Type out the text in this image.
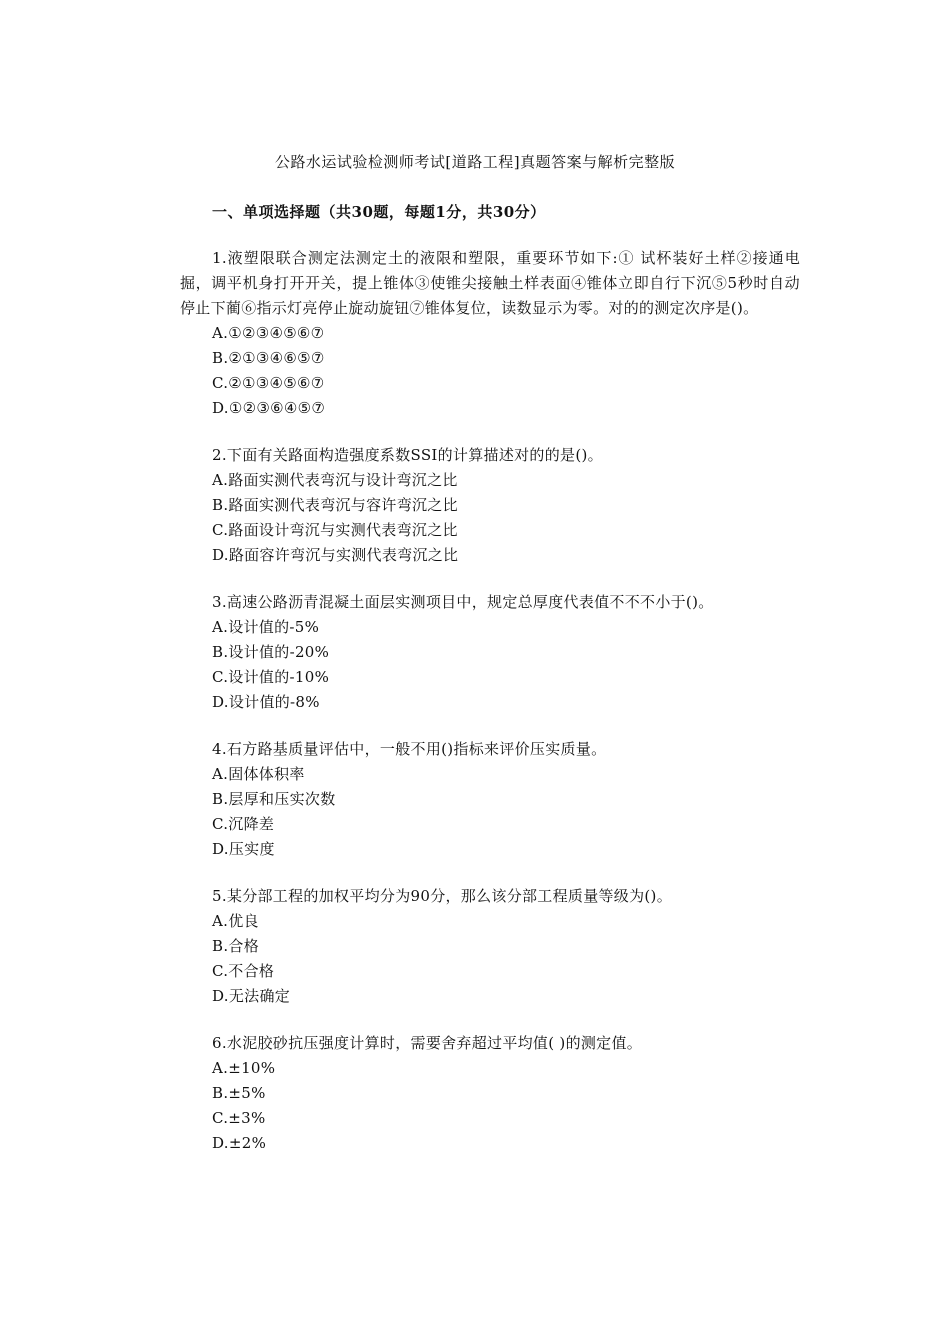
公路水运试验检测师考试[道路工程]真题答案与解析完整版
一、单项选择题（共30题，每题1分，共30分）

1.液塑限联合测定法测定土的液限和塑限，重要环节如下:① 试杯装好土样②接通电掘，调平机身打开开关，提上锥体③使锥尖接触土样表面④锥体立即自行下沉⑤5秒时自动停止下蔺⑥指示灯亮停止旋动旋钮⑦锥体复位，读数显示为零。对的的测定次序是()。

A.①②③④⑤⑥⑦

B.②①③④⑥⑤⑦

C.②①③④⑤⑥⑦

D.①②③⑥④⑤⑦

2.下面有关路面构造强度系数SSI的计算描述对的的是()。

A.路面实测代表弯沉与设计弯沉之比

B.路面实测代表弯沉与容许弯沉之比

C.路面设计弯沉与实测代表弯沉之比

D.路面容许弯沉与实测代表弯沉之比

3.高速公路沥青混凝土面层实测项目中，规定总厚度代表值不不不小于()。

A.设计值的-5%

B.设计值的-20%

C.设计值的-10%

D.设计值的-8%

4.石方路基质量评估中，一般不用()指标来评价压实质量。

A.固体体积率

B.层厚和压实次数

C.沉降差

D.压实度

5.某分部工程的加权平均分为90分，那么该分部工程质量等级为()。

A.优良

B.合格

C.不合格

D.无法确定

6.水泥胶砂抗压强度计算时，需要舍弃超过平均值( )的测定值。

A.±10%

B.±5%

C.±3%

D.±2%
